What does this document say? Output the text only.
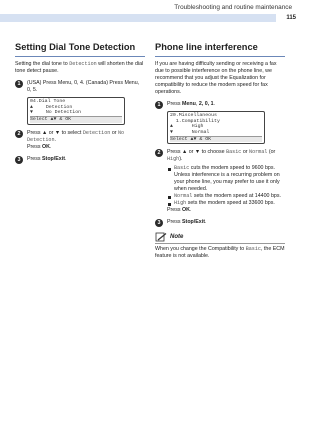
Troubleshooting and routine maintenance
115
Setting Dial Tone Detection

Setting the dial tone to Detection will shorten the dial tone detect pause.

1	(USA) Press Menu, 0, 4. (Canada) Press Menu, 0, 5.
04.Dial Tone
▲  Detection
▼  No Detection
Select ▲▼ & OK
2	Press ▲ or ▼ to select Detection or No Detection.
Press OK.
3	Press Stop/Exit.
Phone line interference

If you are having difficulty sending or receiving a fax due to possible interference on the phone line, we recommend that you adjust the Equalization for compatibility to reduce the modem speed for fax operations.

1	Press Menu, 2, 0, 1.
20.Miscellaneous
1.Compatibility
▲    High
▼    Normal
Select ▲▼ & OK
2	Press ▲ or ▼ to choose Basic or Normal (or High).
Basic cuts the modem speed to 9600 bps. Unless interference is a recurring problem on your phone line, you may prefer to use it only when needed.
Normal sets the modem speed at 14400 bps.
High sets the modem speed at 33600 bps.
Press OK.
3	Press Stop/Exit.
Note

When you change the Compatibility to Basic, the ECM feature is not available.
